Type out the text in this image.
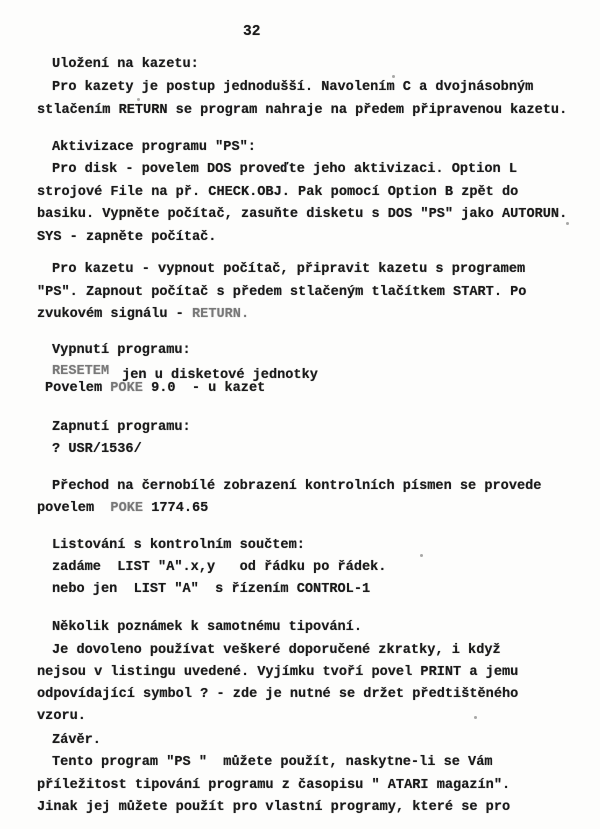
32
Uložení na kazetu:
Pro kazety je postup jednodušší. Navolením C a dvojnásobným
stlačením RETURN se program nahraje na předem připravenou kazetu.
Aktivizace programu "PS":
Pro disk - povelem DOS proveďte jeho aktivizaci. Option L
strojové File na př. CHECK.OBJ. Pak pomocí Option B zpět do
basiku. Vypněte počítač, zasuňte disketu s DOS "PS" jako AUTORUN.
SYS - zapněte počítač.
Pro kazetu - vypnout počítač, připravit kazetu s programem
"PS". Zapnout počítač s předem stlačeným tlačítkem START. Po
zvukovém signálu - RETURN.
Vypnutí programu:
RESETEM jen u disketové jednotky
Povelem POKE 9.0  - u kazet
Zapnutí programu:
? USR/1536/
Přechod na černobílé zobrazení kontrolních písmen se provede
povelem  POKE 1774.65
Listování s kontrolním součtem:
zadáme  LIST "A".x,y   od řádku po řádek.
nebo jen  LIST "A"  s řízením CONTROL-1
Několik poznámek k samotnému tipování.
Je dovoleno používat veškeré doporučené zkratky, i když
nejsou v listingu uvedené. Vyjímku tvoří povel PRINT a jemu
odpovídající symbol ? - zde je nutné se držet předtištěného
vzoru.
Závěr.
Tento program "PS "  můžete použít, naskytne-li se Vám
příležitost tipování programu z časopisu " ATARI magazín".
Jinak jej můžete použít pro vlastní programy, které se pro
